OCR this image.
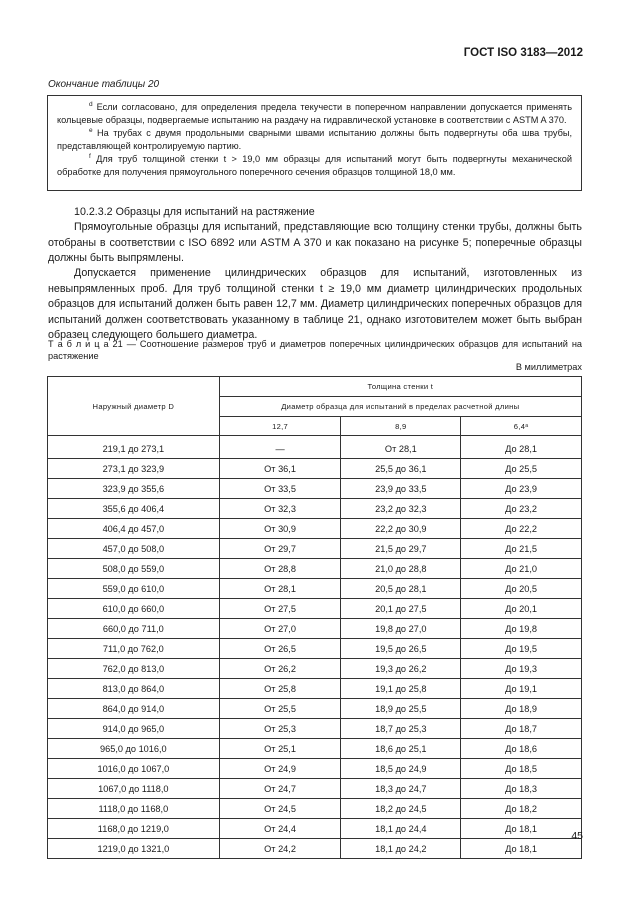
ГОСТ ISO 3183—2012
Окончание таблицы 20

$^d$ Если согласовано, для определения предела текучести в поперечном направлении допускается применять кольцевые образцы, подвергаемые испытанию на раздачу на гидравлической установке в соответствии с ASTM A 370.

$^e$ На трубах с двумя продольными сварными швами испытанию должны быть подвергнуты оба шва трубы, представляющей контролируемую партию.

$^f$ Для труб толщиной стенки t > 19,0 мм образцы для испытаний могут быть подвергнуты механической обработке для получения прямоугольного поперечного сечения образцов толщиной 18,0 мм.

10.2.3.2 Образцы для испытаний на растяжение

Прямоугольные образцы для испытаний, представляющие всю толщину стенки трубы, должны быть отобраны в соответствии с ISO 6892 или ASTM A 370 и как показано на рисунке 5; поперечные образцы должны быть выпрямлены.

Допускается применение цилиндрических образцов для испытаний, изготовленных из невыпрямленных проб. Для труб толщиной стенки t ≥ 19,0 мм диаметр цилиндрических продольных образцов для испытаний должен быть равен 12,7 мм. Диаметр цилиндрических поперечных образцов для испытаний должен соответствовать указанному в таблице 21, однако изготовителем может быть выбран образец следующего большего диаметра.

Т а б л и ц а 21 — Соотношение размеров труб и диаметров поперечных цилиндрических образцов для испытаний на растяжение
В миллиметрах
Наружный диаметр D	Толщина стенки t		
	Диаметр образца для испытаний в пределах расчетной длины		
	12,7	8,9	6,4ᵃ
219,1 до 273,1	—	От 28,1	До 28,1
273,1 до 323,9	От 36,1	25,5 до 36,1	До 25,5
323,9 до 355,6	От 33,5	23,9 до 33,5	До 23,9
355,6 до 406,4	От 32,3	23,2 до 32,3	До 23,2
406,4 до 457,0	От 30,9	22,2 до 30,9	До 22,2
457,0 до 508,0	От 29,7	21,5 до 29,7	До 21,5
508,0 до 559,0	От 28,8	21,0 до 28,8	До 21,0
559,0 до 610,0	От 28,1	20,5 до 28,1	До 20,5
610,0 до 660,0	От 27,5	20,1 до 27,5	До 20,1
660,0 до 711,0	От 27,0	19,8 до 27,0	До 19,8
711,0 до 762,0	От 26,5	19,5 до 26,5	До 19,5
762,0 до 813,0	От 26,2	19,3 до 26,2	До 19,3
813,0 до 864,0	От 25,8	19,1 до 25,8	До 19,1
864,0 до 914,0	От 25,5	18,9 до 25,5	До 18,9
914,0 до 965,0	От 25,3	18,7 до 25,3	До 18,7
965,0 до 1016,0	От 25,1	18,6 до 25,1	До 18,6
1016,0 до 1067,0	От 24,9	18,5 до 24,9	До 18,5
1067,0 до 1118,0	От 24,7	18,3 до 24,7	До 18,3
1118,0 до 1168,0	От 24,5	18,2 до 24,5	До 18,2
1168,0 до 1219,0	От 24,4	18,1 до 24,4	До 18,1
1219,0 до 1321,0	От 24,2	18,1 до 24,2	До 18,1
45
